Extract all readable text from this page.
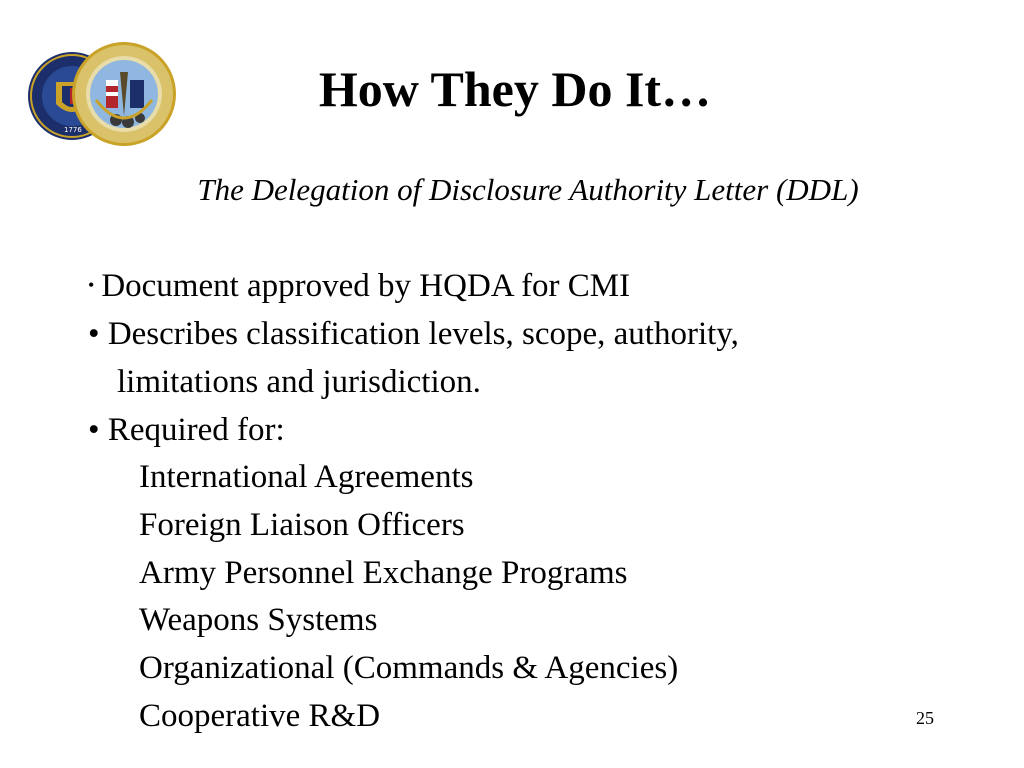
1776
How They Do It…
The Delegation of Disclosure Authority Letter (DDL)
• Document approved by HQDA for CMI
• Describes classification levels, scope, authority,
limitations and jurisdiction.
• Required for:
International Agreements
Foreign Liaison Officers
Army Personnel Exchange Programs
Weapons Systems
Organizational (Commands & Agencies)
Cooperative R&D	25
